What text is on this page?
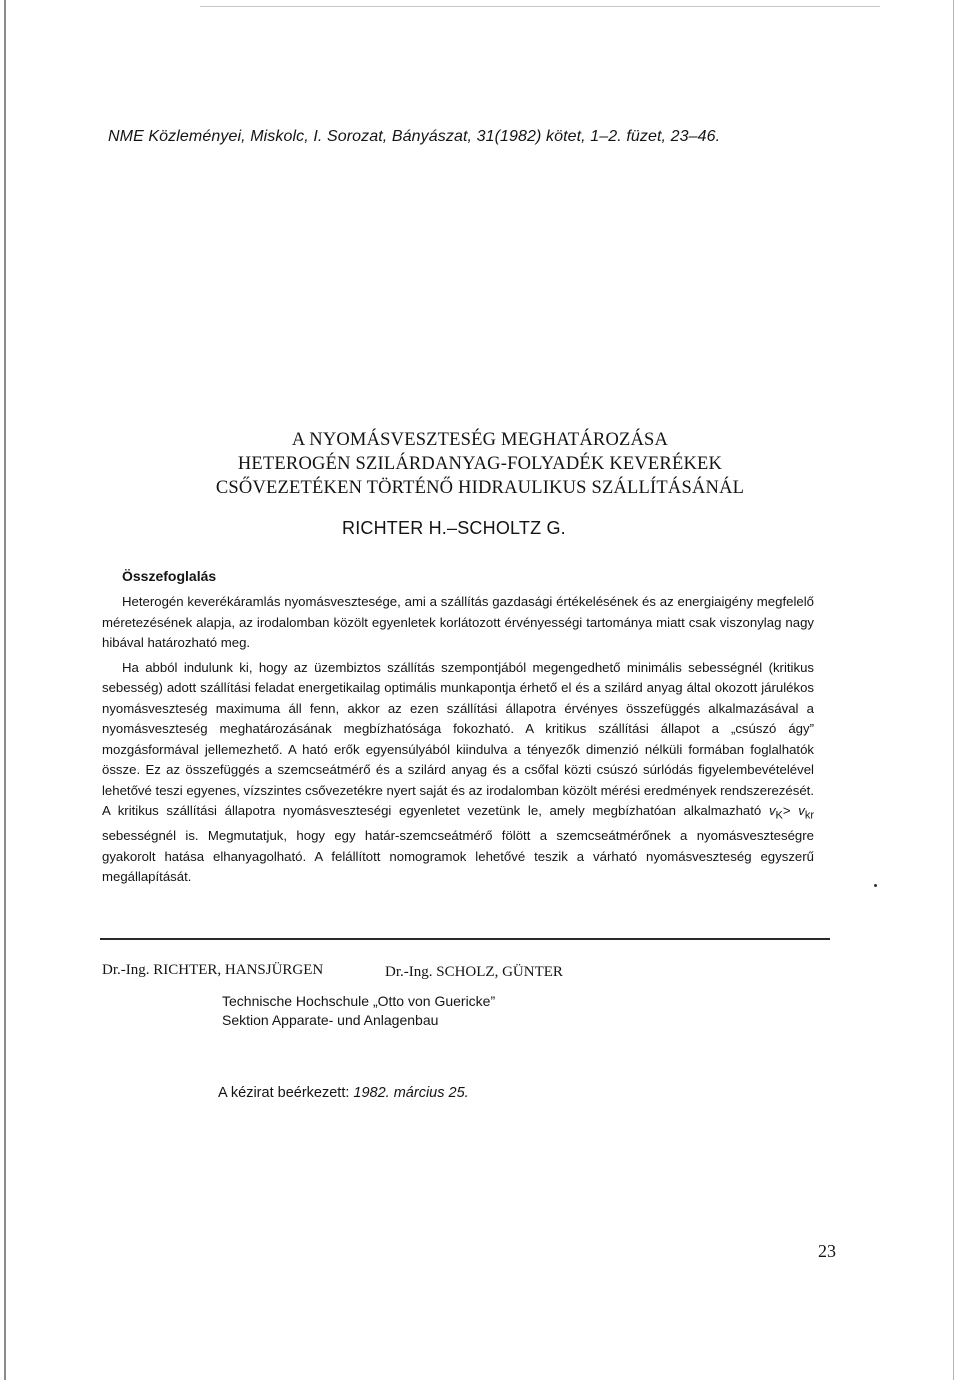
NME Közleményei, Miskolc, I. Sorozat, Bányászat, 31(1982) kötet, 1–2. füzet, 23–46.
A NYOMÁSVESZTESÉG MEGHATÁROZÁSA
HETEROGÉN SZILÁRDANYAG-FOLYADÉK KEVERÉKEK
CSŐVEZETÉKEN TÖRTÉNŐ HIDRAULIKUS SZÁLLÍTÁSÁNÁL
RICHTER H.–SCHOLTZ G.
Összefoglalás

Heterogén keverékáramlás nyomásvesztesége, ami a szállítás gazdasági értékelésének és az energiaigény megfelelő méretezésének alapja, az irodalomban közölt egyenletek korlátozott érvényességi tartománya miatt csak viszonylag nagy hibával határozható meg.

Ha abból indulunk ki, hogy az üzembiztos szállítás szempontjából megengedhető minimális sebességnél (kritikus sebesség) adott szállítási feladat energetikailag optimális munkapontja érhető el és a szilárd anyag által okozott járulékos nyomásveszteség maximuma áll fenn, akkor az ezen szállítási állapotra érvényes összefüggés alkalmazásával a nyomásveszteség meghatározásának megbízhatósága fokozható. A kritikus szállítási állapot a „csúszó ágy” mozgásformával jellemezhető. A ható erők egyensúlyából kiindulva a tényezők dimenzió nélküli formában foglalhatók össze. Ez az összefüggés a szemcseátmérő és a szilárd anyag és a csőfal közti csúszó súrlódás figyelembevételével lehetővé teszi egyenes, vízszintes csővezetékre nyert saját és az irodalomban közölt mérési eredmények rendszerezését. A kritikus szállítási állapotra nyomásveszteségi egyenletet vezetünk le, amely megbízhatóan alkalmazható $v_K> v_{kr}$ sebességnél is. Megmutatjuk, hogy egy határ-szemcseátmérő fölött a szemcseátmérőnek a nyomásveszteségre gyakorolt hatása elhanyagolható. A felállított nomogramok lehetővé teszik a várható nyomásveszteség egyszerű megállapítását.

Dr.-Ing. RICHTER, HANSJÜRGEN	Dr.-Ing. SCHOLZ, GÜNTER
Technische Hochschule „Otto von Guericke”
Sektion Apparate- und Anlagenbau
A kézirat beérkezett: 1982. március 25.
23
